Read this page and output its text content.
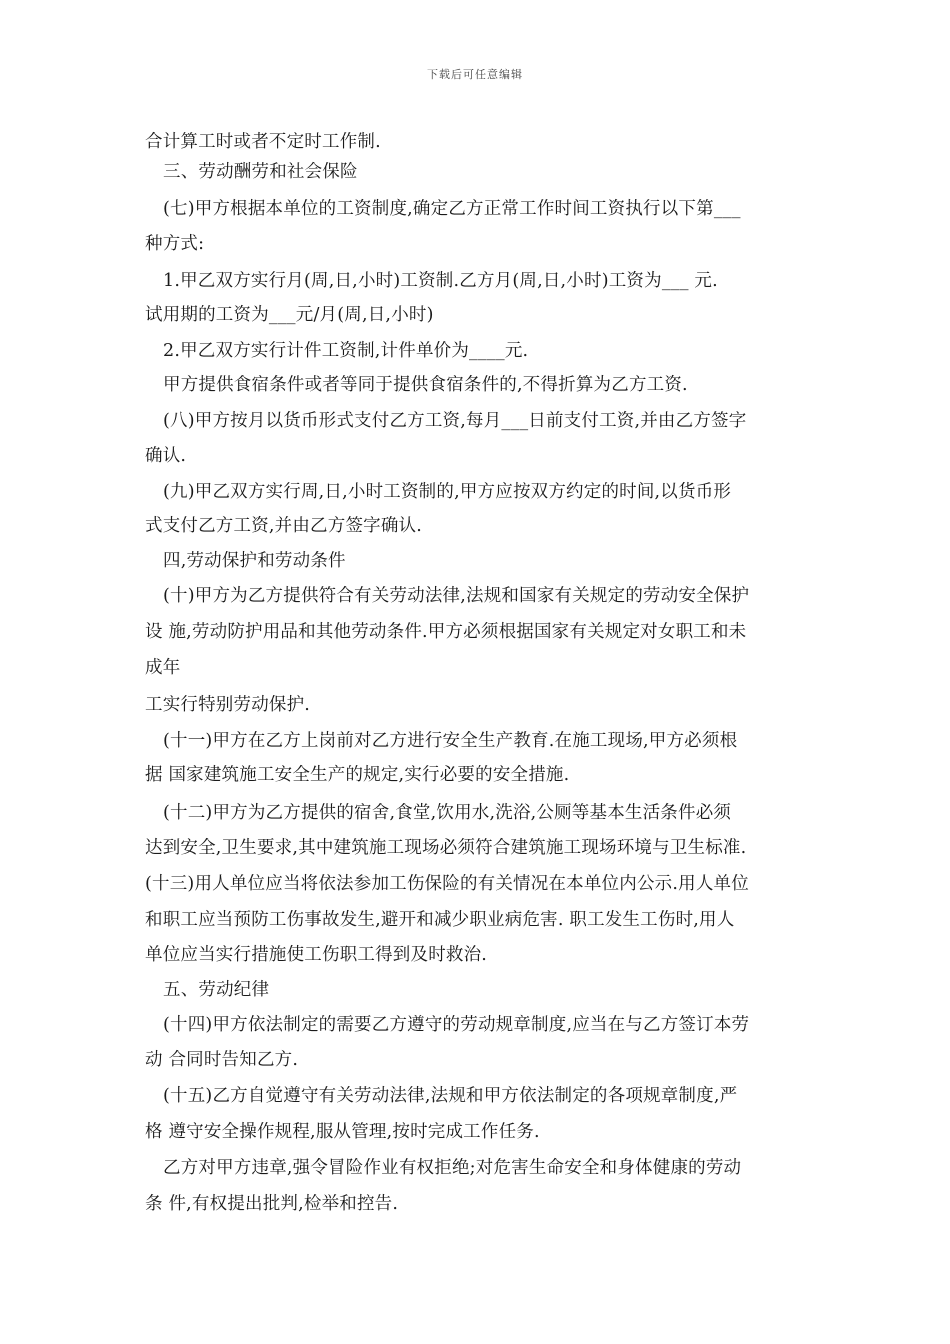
下载后可任意编辑
合计算工时或者不定时工作制.
三、劳动酬劳和社会保险
(七)甲方根据本单位的工资制度,确定乙方正常工作时间工资执行以下第___
种方式:
1.甲乙双方实行月(周,日,小时)工资制.乙方月(周,日,小时)工资为___ 元.
试用期的工资为___元/月(周,日,小时)
2.甲乙双方实行计件工资制,计件单价为____元.
甲方提供食宿条件或者等同于提供食宿条件的,不得折算为乙方工资.
(八)甲方按月以货币形式支付乙方工资,每月___日前支付工资,并由乙方签字
确认.
(九)甲乙双方实行周,日,小时工资制的,甲方应按双方约定的时间,以货币形
式支付乙方工资,并由乙方签字确认.
四,劳动保护和劳动条件
(十)甲方为乙方提供符合有关劳动法律,法规和国家有关规定的劳动安全保护
设 施,劳动防护用品和其他劳动条件.甲方必须根据国家有关规定对女职工和未
成年
工实行特别劳动保护.
(十一)甲方在乙方上岗前对乙方进行安全生产教育.在施工现场,甲方必须根
据 国家建筑施工安全生产的规定,实行必要的安全措施.
(十二)甲方为乙方提供的宿舍,食堂,饮用水,洗浴,公厕等基本生活条件必须
达到安全,卫生要求,其中建筑施工现场必须符合建筑施工现场环境与卫生标准.
(十三)用人单位应当将依法参加工伤保险的有关情况在本单位内公示.用人单位
和职工应当预防工伤事故发生,避开和减少职业病危害. 职工发生工伤时,用人
单位应当实行措施使工伤职工得到及时救治.
五、劳动纪律
(十四)甲方依法制定的需要乙方遵守的劳动规章制度,应当在与乙方签订本劳
动 合同时告知乙方.
(十五)乙方自觉遵守有关劳动法律,法规和甲方依法制定的各项规章制度,严
格 遵守安全操作规程,服从管理,按时完成工作任务.
乙方对甲方违章,强令冒险作业有权拒绝;对危害生命安全和身体健康的劳动
条 件,有权提出批判,检举和控告.
